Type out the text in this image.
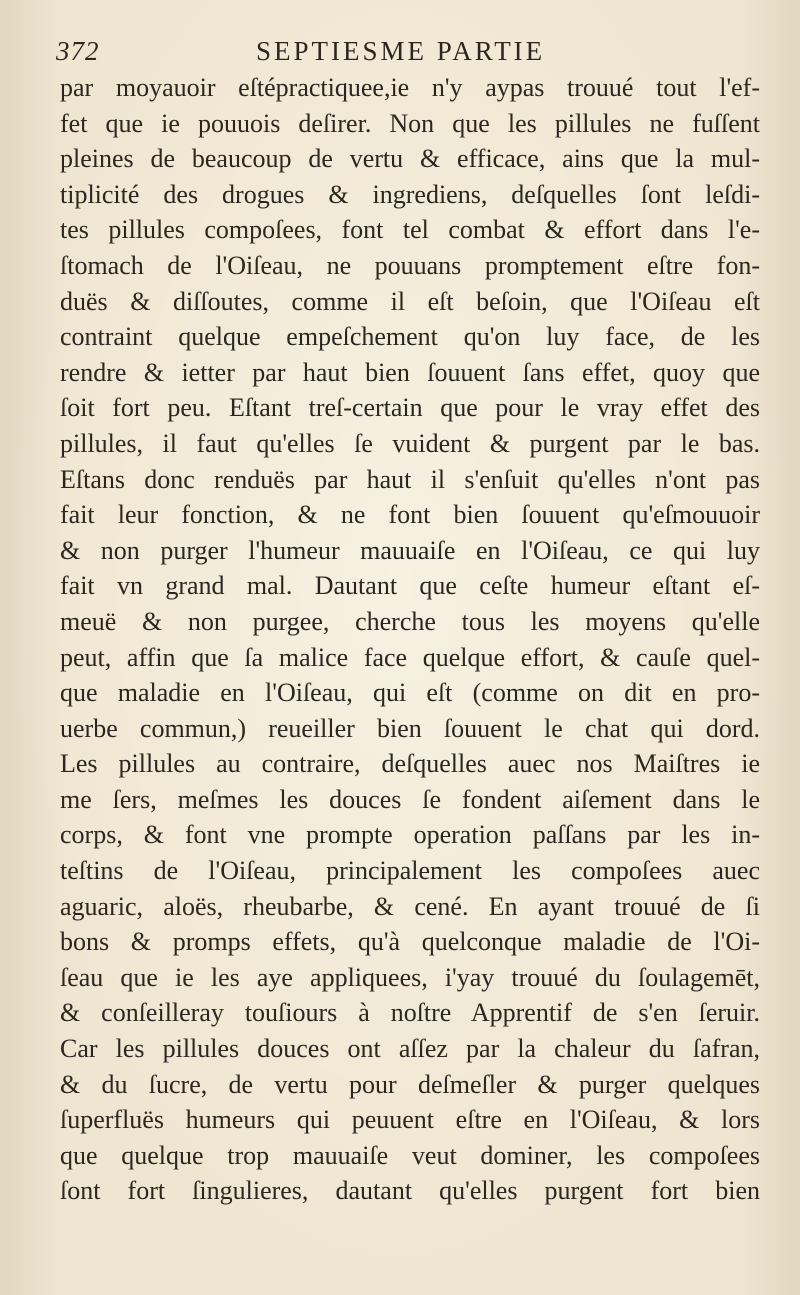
372	SEPTIESME PARTIE
par moyauoir eſtépractiquee,ie n'y aypas trouué tout l'ef-
fet que ie pouuois deſirer. Non que les pillules ne fuſſent
pleines de beaucoup de vertu & efficace, ains que la mul-
tiplicité des drogues & ingrediens, deſquelles ſont leſdi-
tes pillules compoſees, font tel combat & effort dans l'e-
ſtomach de l'Oiſeau, ne pouuans promptement eſtre fon-
duës & diſſoutes, comme il eſt beſoin, que l'Oiſeau eſt
contraint quelque empeſchement qu'on luy face, de les
rendre & ietter par haut bien ſouuent ſans effet, quoy que
ſoit fort peu. Eſtant treſ-certain que pour le vray effet des
pillules, il faut qu'elles ſe vuident & purgent par le bas.
Eſtans donc renduës par haut il s'enſuit qu'elles n'ont pas
fait leur fonction, & ne font bien ſouuent qu'eſmouuoir
& non purger l'humeur mauuaiſe en l'Oiſeau, ce qui luy
fait vn grand mal. Dautant que ceſte humeur eſtant eſ-
meuë & non purgee, cherche tous les moyens qu'elle
peut, affin que ſa malice face quelque effort, & cauſe quel-
que maladie en l'Oiſeau, qui eſt (comme on dit en pro-
uerbe commun,) reueiller bien ſouuent le chat qui dord.
Les pillules au contraire, deſquelles auec nos Maiſtres ie
me ſers, meſmes les douces ſe fondent aiſement dans le
corps, & font vne prompte operation paſſans par les in-
teſtins de l'Oiſeau, principalement les compoſees auec
aguaric, aloës, rheubarbe, & cené. En ayant trouué de ſi
bons & promps effets, qu'à quelconque maladie de l'Oi-
ſeau que ie les aye appliquees, i'yay trouué du ſoulagemēt,
& conſeilleray touſiours à noſtre Apprentif de s'en ſeruir.
Car les pillules douces ont aſſez par la chaleur du ſafran,
& du ſucre, de vertu pour deſmeſler & purger quelques
ſuperfluës humeurs qui peuuent eſtre en l'Oiſeau, & lors
que quelque trop mauuaiſe veut dominer, les compoſees
ſont fort ſingulieres, dautant qu'elles purgent fort bien
